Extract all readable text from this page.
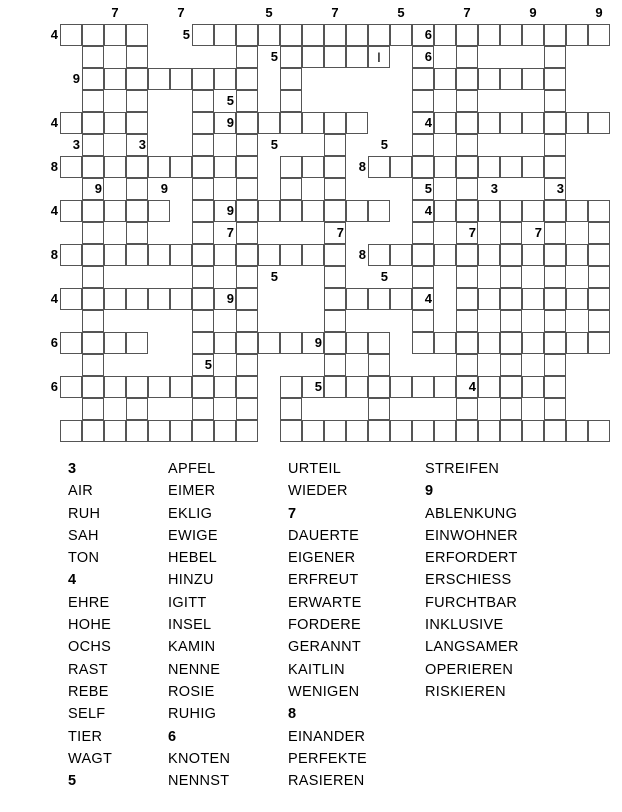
I
4
7	7
5
5	7	5
6
7	9	9
5	6
9
5
4	9	4
3	3	5	5
8	8
9	9	5	3	3
4	9	4
7	7	7	7
8	8
5	5
4	9	4
6	9
5
6	5	4
3
AIR
RUH
SAH
TON
4
EHRE
HOHE
OCHS
RAST
REBE
SELF
TIER
WAGT
5
APFEL
EIMER
EKLIG
EWIGE
HEBEL
HINZU
IGITT
INSEL
KAMIN
NENNE
ROSIE
RUHIG
6
KNOTEN
NENNST
URTEIL
WIEDER
7
DAUERTE
EIGENER
ERFREUT
ERWARTE
FORDERE
GERANNT
KAITLIN
WENIGEN
8
EINANDER
PERFEKTE
RASIEREN
STREIFEN
9
ABLENKUNG
EINWOHNER
ERFORDERT
ERSCHIESS
FURCHTBAR
INKLUSIVE
LANGSAMER
OPERIEREN
RISKIEREN
